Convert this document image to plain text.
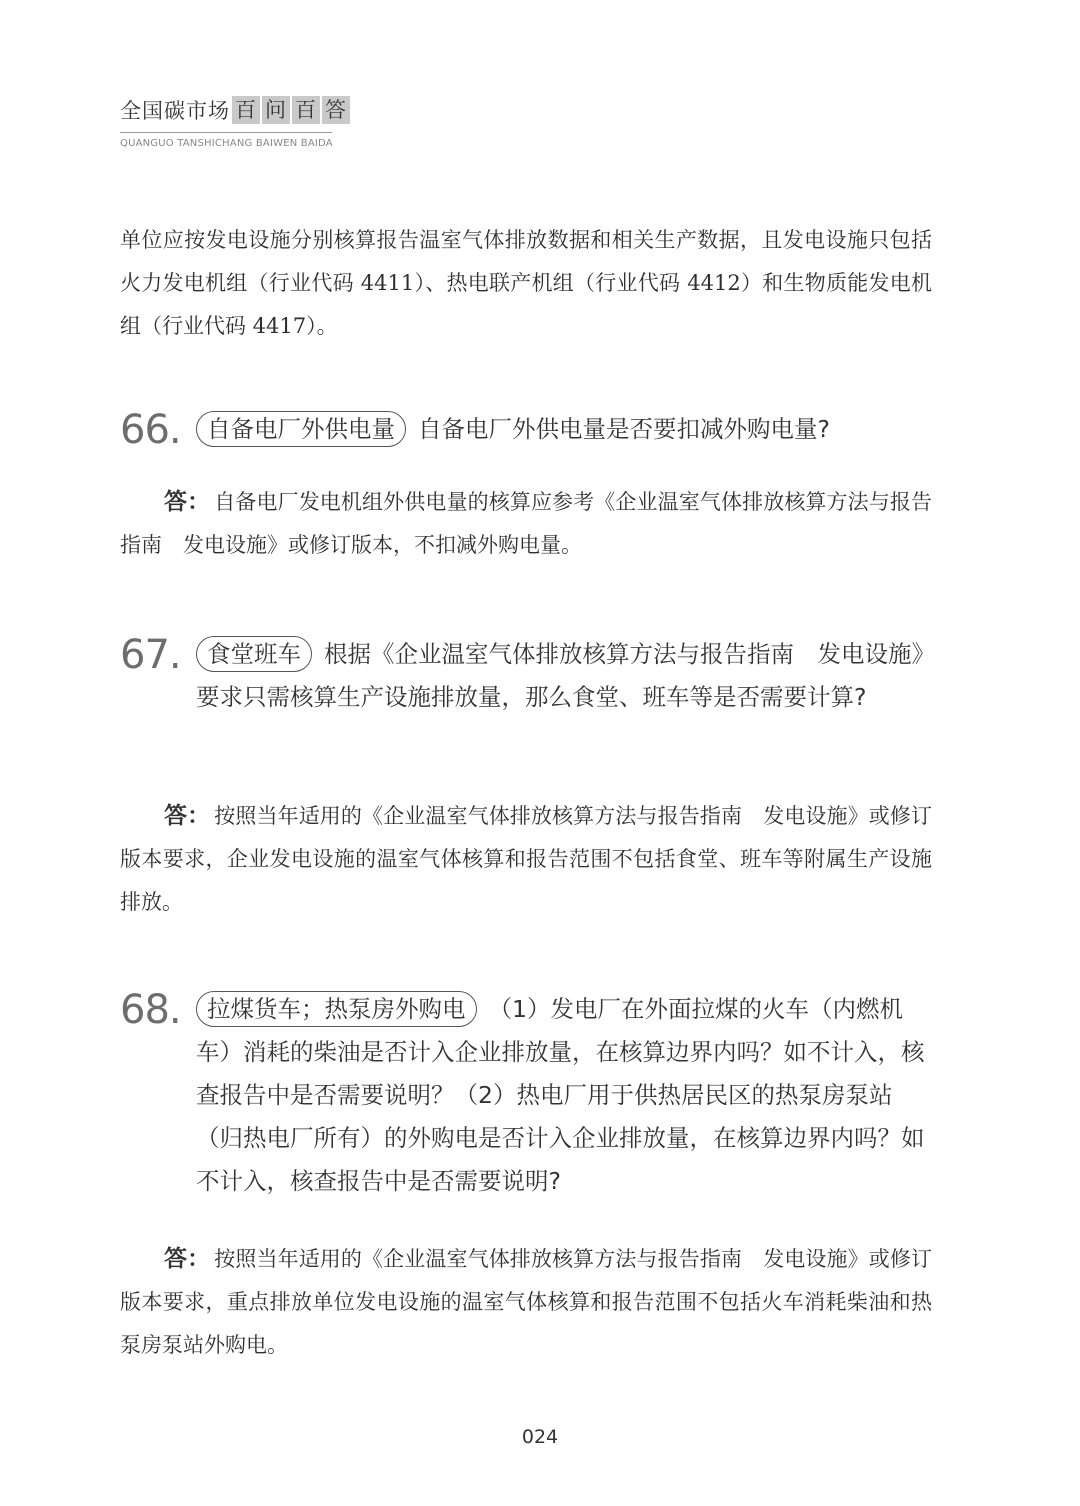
全国碳市场 百 问 百 答
QUANGUO TANSHICHANG BAIWEN BAIDA
单位应按发电设施分别核算报告温室气体排放数据和相关生产数据，且发电设施只包括火力发电机组（行业代码 4411）、热电联产机组（行业代码 4412）和生物质能发电机组（行业代码 4417）。
66.	自备电厂外供电量 自备电厂外供电量是否要扣减外购电量?
答： 自备电厂发电机组外供电量的核算应参考《企业温室气体排放核算方法与报告指南　发电设施》或修订版本，不扣减外购电量。
67.	食堂班车 根据《企业温室气体排放核算方法与报告指南　发电设施》要求只需核算生产设施排放量，那么食堂、班车等是否需要计算?
答： 按照当年适用的《企业温室气体排放核算方法与报告指南　发电设施》或修订版本要求，企业发电设施的温室气体核算和报告范围不包括食堂、班车等附属生产设施排放。
68.	拉煤货车；热泵房外购电 （1）发电厂在外面拉煤的火车（内燃机车）消耗的柴油是否计入企业排放量，在核算边界内吗？如不计入，核查报告中是否需要说明？（2）热电厂用于供热居民区的热泵房泵站（归热电厂所有）的外购电是否计入企业排放量，在核算边界内吗？如不计入，核查报告中是否需要说明?
答： 按照当年适用的《企业温室气体排放核算方法与报告指南　发电设施》或修订版本要求，重点排放单位发电设施的温室气体核算和报告范围不包括火车消耗柴油和热泵房泵站外购电。
024
